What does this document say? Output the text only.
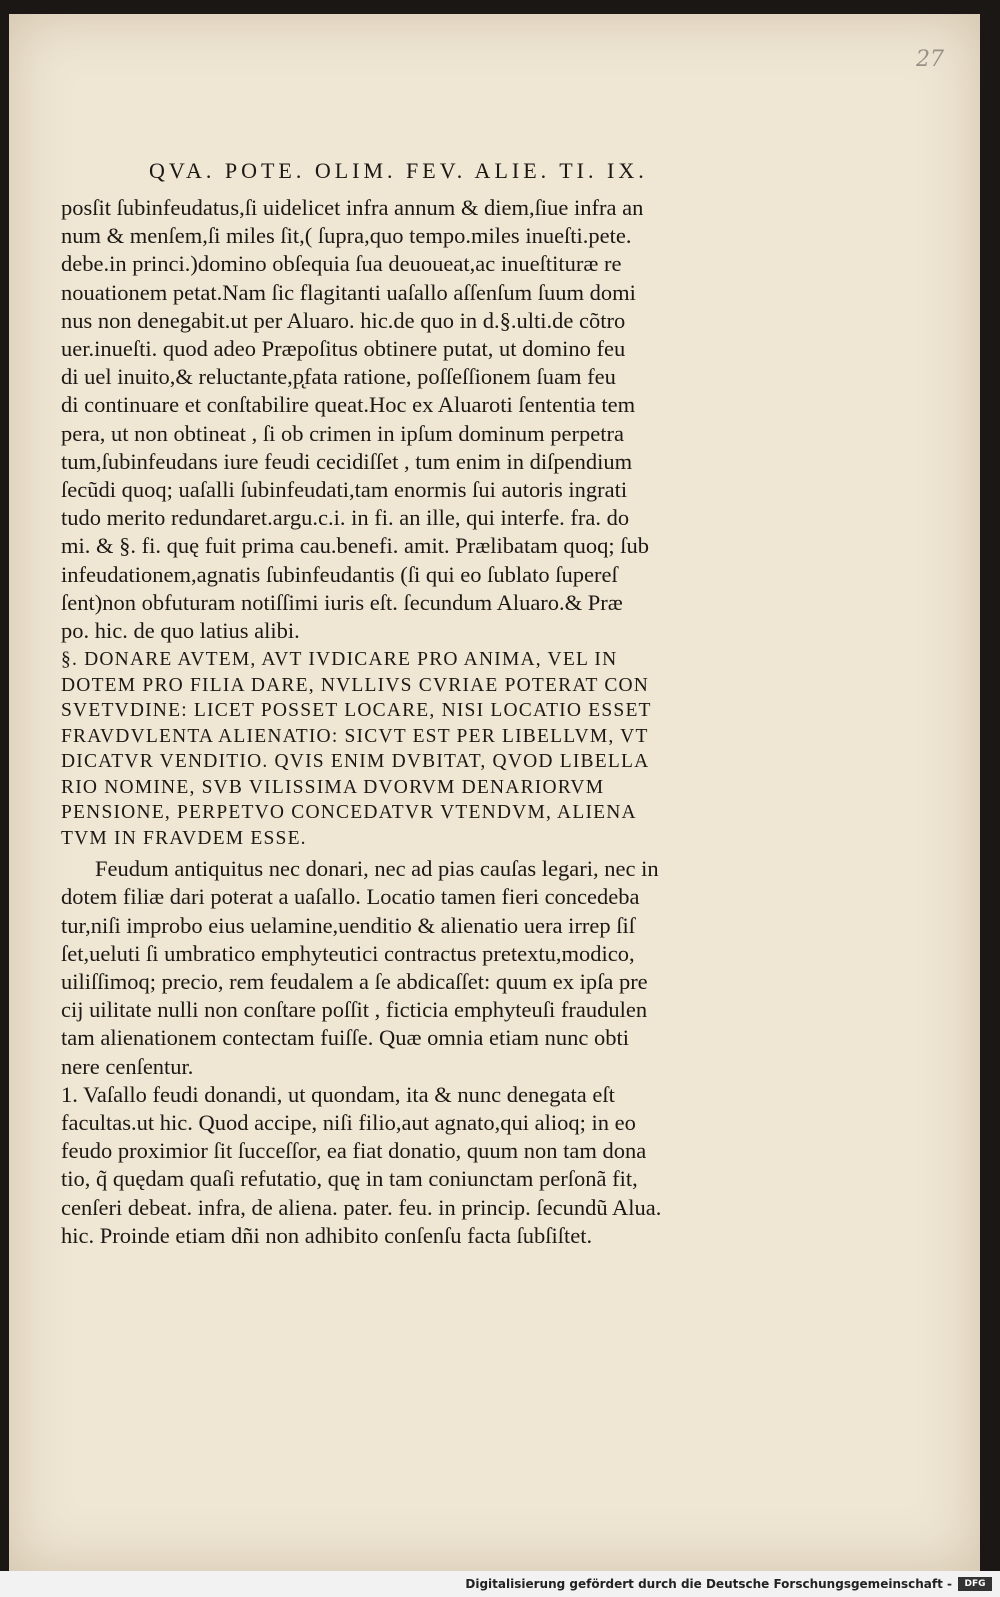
27
QVA. POTE. OLIM. FEV. ALIE. TI. IX.
pos‍ſit ſubinfeudatus,ſi uidelicet infra annum & diem,ſiue infra an
num & menſem,ſi miles ſit,( ſupra,quo tempo.miles inueſti.pete.
debe.in princi.)domino obſequia ſua deuoueat,ac inueſtituræ re
nouationem petat.Nam ſic flagitanti uaſallo aſſenſum ſuum domi
nus non denegabit.ut per Aluaro. hic.de quo in d.§.ulti.de cõtro
uer.inueſti. quod adeo Præpoſitus obtinere putat, ut domino feu
di uel inuito,& reluctante,p̨fata ratione, poſſeſſionem ſuam feu
di continuare et conſtabilire queat.Hoc ex Aluaroti ſententia tem
pera, ut non obtineat , ſi ob crimen in ipſum dominum perpetra
tum,ſubinfeudans iure feudi cecidiſſet , tum enim in diſpendium
ſecũdi quoq; uaſalli ſubinfeudati,tam enormis ſui autoris ingrati
tudo merito redundaret.argu.c.i. in fi. an ille, qui interfe. fra. do
mi. & §. fi. quę fuit prima cau.benefi. amit. Prælibatam quoq; ſub
infeudationem,agnatis ſubinfeudantis (ſi qui eo ſublato ſupereſ
ſent)non obfuturam notiſſimi iuris eſt. ſecundum Aluaro.& Præ
po. hic. de quo latius alibi.
§. DONARE AVTEM, AVT IVDICARE PRO ANIMA, VEL IN
DOTEM PRO FILIA DARE, NVLLIVS CVRIAE POTERAT CON
SVETVDINE: LICET POSSET LOCARE, NISI LOCATIO ESSET
FRAVDVLENTA ALIENATIO: SICVT EST PER LIBELLVM, VT
DICATVR VENDITIO. QVIS ENIM DVBITAT, QVOD LIBELLA
RIO NOMINE, SVB VILISSIMA DVORVM DENARIORVM
PENSIONE, PERPETVO CONCEDATVR VTENDVM, ALIENA
TVM IN FRAVDEM ESSE.
Feudum antiquitus nec donari, nec ad pias cauſas legari, nec in
dotem filiæ dari poterat a uaſallo. Locatio tamen fieri concedeba
tur,niſi improbo eius uelamine,uenditio & alienatio uera irrep ſiſ
ſet,ueluti ſi umbratico emphyteutici contractus pretextu,modico,
uiliſſimoq; precio, rem feudalem a ſe abdicaſſet: quum ex ipſa pre
cij uilitate nulli non conſtare poſſit , ficticia emphyteuſi fraudulen
tam alienationem contectam fuiſſe. Quæ omnia etiam nunc obti
nere cenſentur.
1. Vaſallo feudi donandi, ut quondam, ita & nunc denegata eſt
facultas.ut hic. Quod accipe, niſi filio,aut agnato,qui alioq; in eo
feudo proximior ſit ſucceſſor, ea fiat donatio, quum non tam dona
tio, q̃ quędam quaſi refutatio, quę in tam coniunctam perſonã fit,
cenſeri debeat. infra, de aliena. pater. feu. in princip. ſecundũ Alua.
hic. Proinde etiam dñi non adhibito conſenſu facta ſubſiſtet.
Digitalisierung gefördert durch die Deutsche Forschungsgemeinschaft -	DFG
